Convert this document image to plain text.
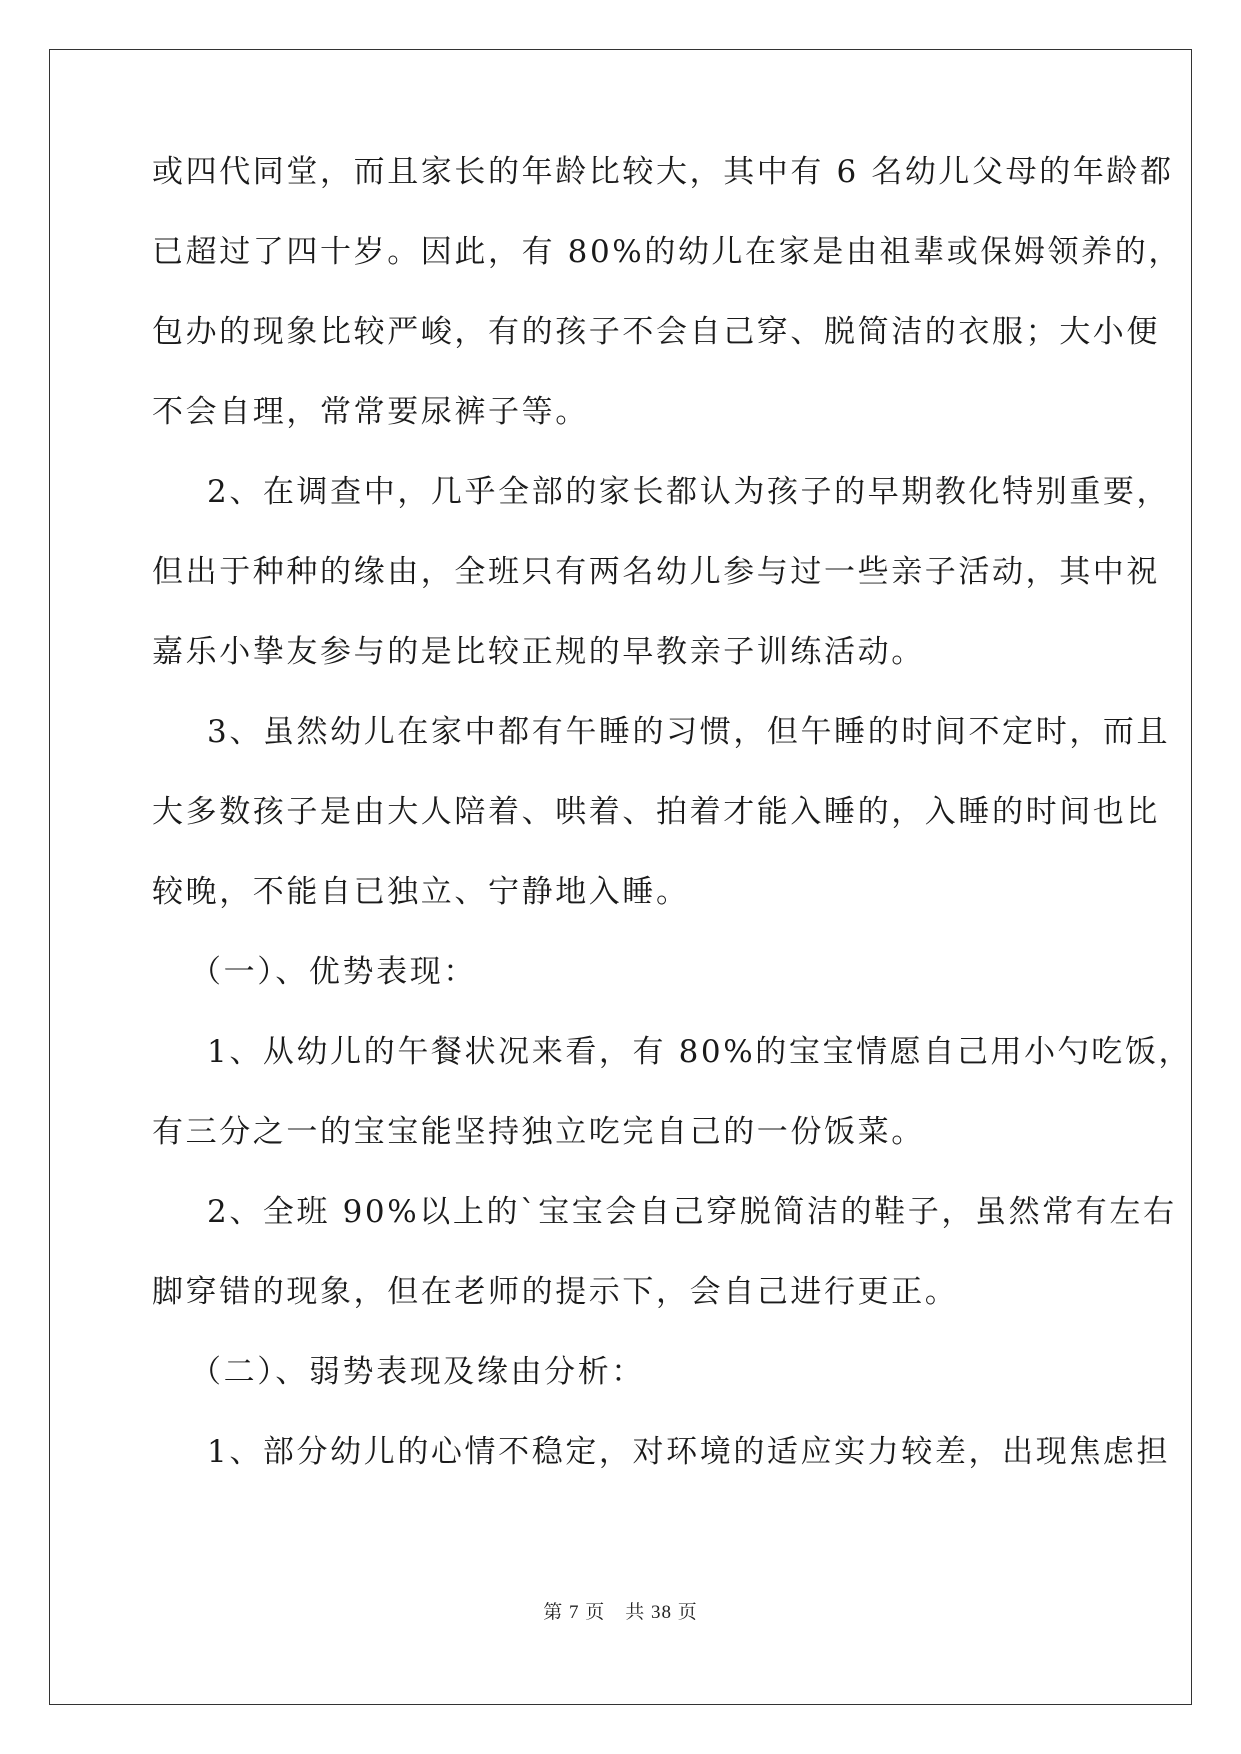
或四代同堂，而且家长的年龄比较大，其中有 6 名幼儿父母的年龄都
已超过了四十岁。因此，有 80%的幼儿在家是由祖辈或保姆领养的，
包办的现象比较严峻，有的孩子不会自己穿、脱简洁的衣服；大小便
不会自理，常常要尿裤子等。
2、在调查中，几乎全部的家长都认为孩子的早期教化特别重要，
但出于种种的缘由，全班只有两名幼儿参与过一些亲子活动，其中祝
嘉乐小挚友参与的是比较正规的早教亲子训练活动。
3、虽然幼儿在家中都有午睡的习惯，但午睡的时间不定时，而且
大多数孩子是由大人陪着、哄着、拍着才能入睡的，入睡的时间也比
较晚，不能自已独立、宁静地入睡。
（一）、优势表现：
1、从幼儿的午餐状况来看，有 80%的宝宝情愿自己用小勺吃饭，
有三分之一的宝宝能坚持独立吃完自己的一份饭菜。
2、全班 90%以上的`宝宝会自己穿脱简洁的鞋子，虽然常有左右
脚穿错的现象，但在老师的提示下，会自己进行更正。
（二）、弱势表现及缘由分析：
1、部分幼儿的心情不稳定，对环境的适应实力较差，出现焦虑担
第 7 页　共 38 页
